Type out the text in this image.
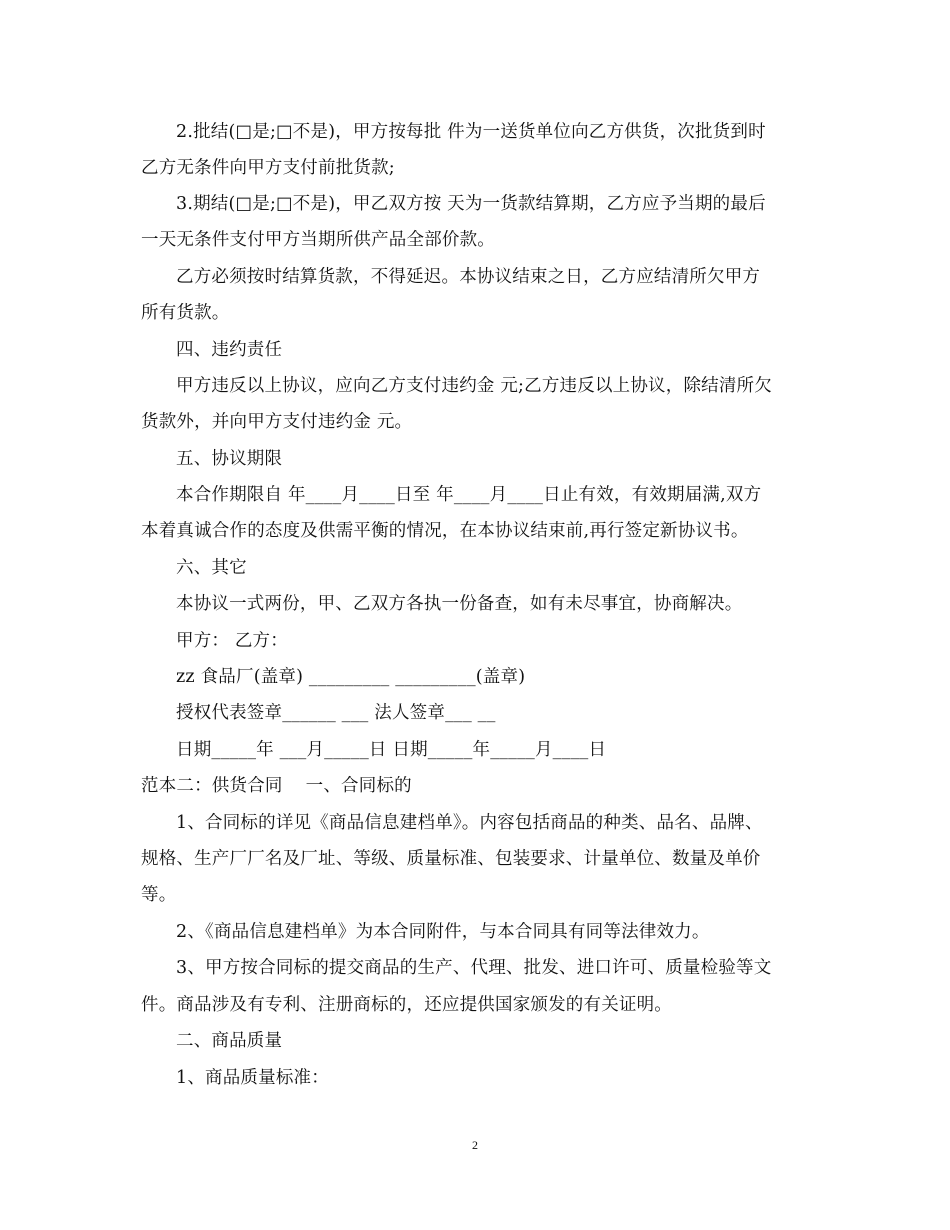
2.批结(□是;□不是)，甲方按每批 件为一送货单位向乙方供货，次批货到时
乙方无条件向甲方支付前批货款;
3.期结(□是;□不是)，甲乙双方按 天为一货款结算期，乙方应予当期的最后
一天无条件支付甲方当期所供产品全部价款。
乙方必须按时结算货款，不得延迟。本协议结束之日，乙方应结清所欠甲方
所有货款。
四、违约责任
甲方违反以上协议，应向乙方支付违约金 元;乙方违反以上协议，除结清所欠
货款外，并向甲方支付违约金 元。
五、协议期限
本合作期限自 年____月____日至 年____月____日止有效，有效期届满,双方
本着真诚合作的态度及供需平衡的情况，在本协议结束前,再行签定新协议书。
六、其它
本协议一式两份，甲、乙双方各执一份备查，如有未尽事宜，协商解决。
甲方： 乙方：
zz 食品厂(盖章) _________ _________(盖章)
授权代表签章______ ___ 法人签章___ __
日期_____年 ___月_____日 日期_____年_____月____日
范本二：供货合同    一、合同标的
1、合同标的详见《商品信息建档单》。内容包括商品的种类、品名、品牌、
规格、生产厂厂名及厂址、等级、质量标准、包装要求、计量单位、数量及单价
等。
2、《商品信息建档单》为本合同附件，与本合同具有同等法律效力。
3、甲方按合同标的提交商品的生产、代理、批发、进口许可、质量检验等文
件。商品涉及有专利、注册商标的，还应提供国家颁发的有关证明。
二、商品质量
1、商品质量标准：
2
